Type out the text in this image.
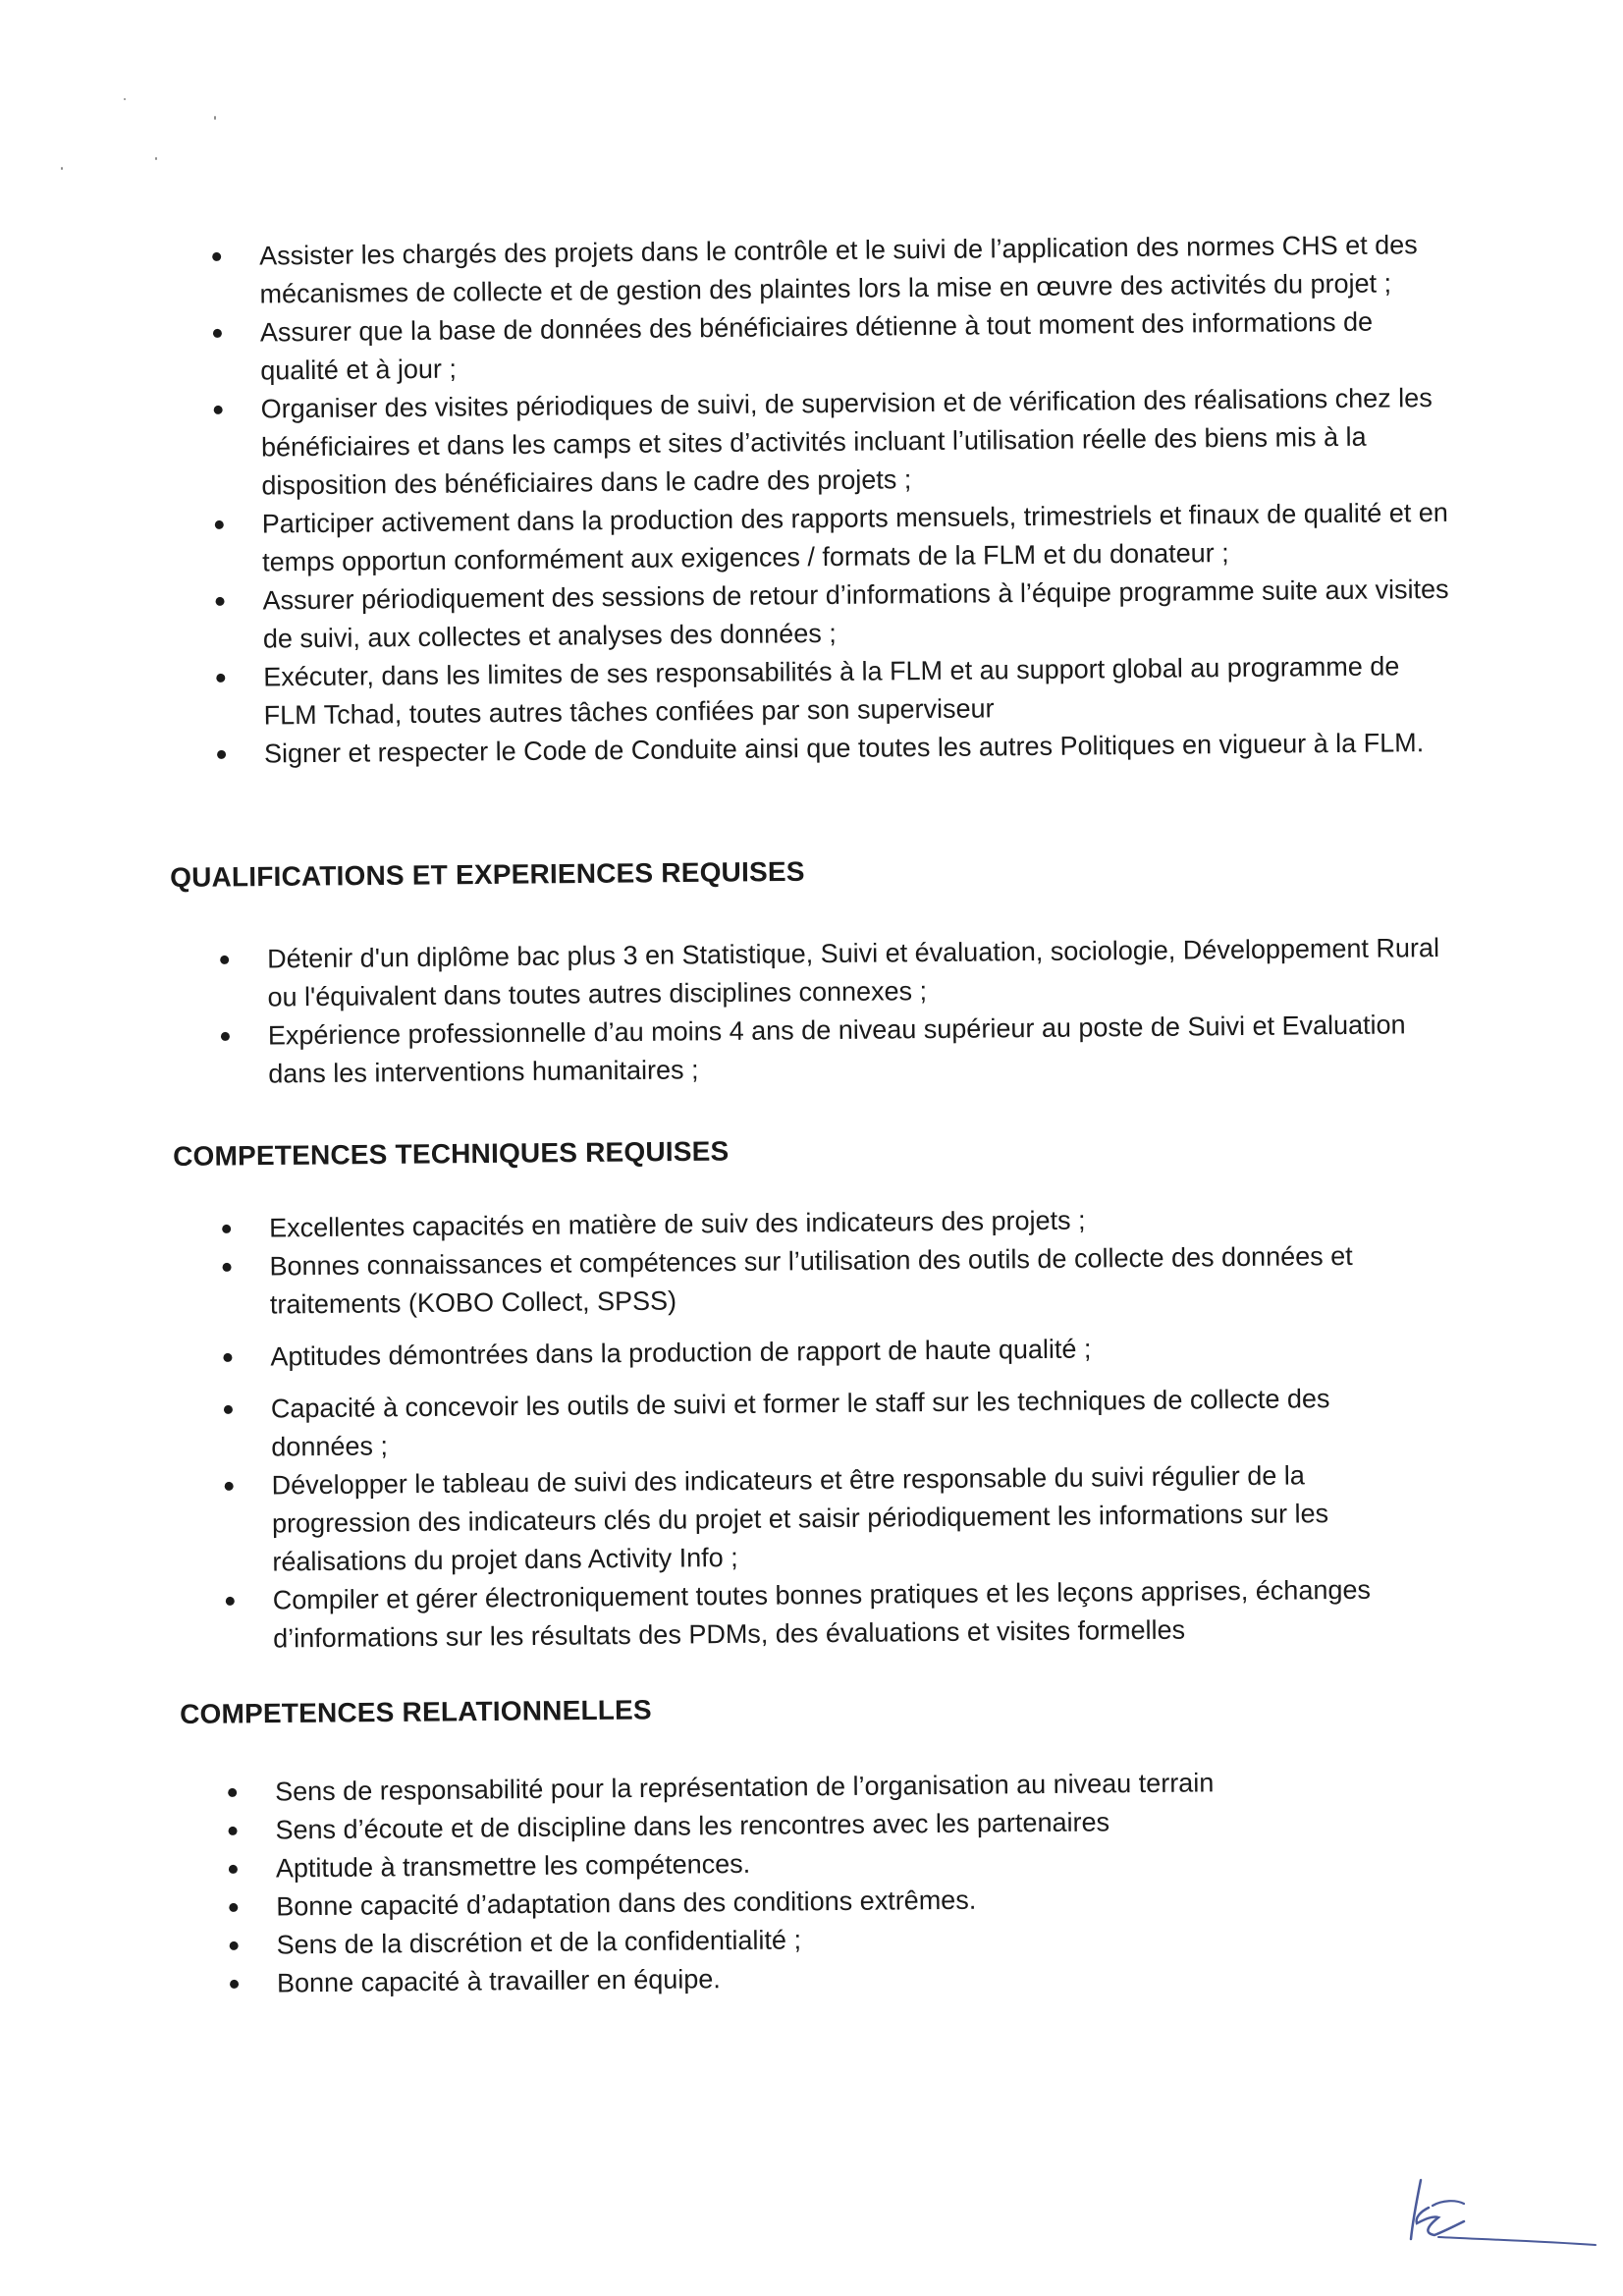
Assister les chargés des projets dans le contrôle et le suivi de l’application des normes CHS et des mécanismes de collecte et de gestion des plaintes lors la mise en œuvre des activités du projet ;
Assurer que la base de données des bénéficiaires détienne à tout moment des informations de qualité et à jour ;
Organiser des visites périodiques de suivi, de supervision et de vérification des réalisations chez les bénéficiaires et dans les camps et sites d’activités incluant l’utilisation réelle des biens mis à la disposition des bénéficiaires dans le cadre des projets ;
Participer activement dans la production des rapports mensuels, trimestriels et finaux de qualité et en temps opportun conformément aux exigences / formats de la FLM et du donateur ;
Assurer périodiquement des sessions de retour d’informations à l’équipe programme suite aux visites de suivi, aux collectes et analyses des données ;
Exécuter, dans les limites de ses responsabilités à la FLM et au support global au programme de FLM Tchad, toutes autres tâches confiées par son superviseur
Signer et respecter le Code de Conduite ainsi que toutes les autres Politiques en vigueur à la FLM.
QUALIFICATIONS ET EXPERIENCES REQUISES
Détenir d'un diplôme bac plus 3 en Statistique, Suivi et évaluation, sociologie, Développement Rural ou l'équivalent dans toutes autres disciplines connexes ;
Expérience professionnelle d’au moins 4 ans de niveau supérieur au poste de Suivi et Evaluation dans les interventions humanitaires ;
COMPETENCES TECHNIQUES REQUISES
Excellentes capacités en matière de suiv des indicateurs des projets ;
Bonnes connaissances et compétences sur l’utilisation des outils de collecte des données et traitements (KOBO Collect, SPSS)
Aptitudes démontrées dans la production de rapport de haute qualité ;
Capacité à concevoir les outils de suivi et former le staff sur les techniques de collecte des données ;
Développer le tableau de suivi des indicateurs et être responsable du suivi régulier de la progression des indicateurs clés du projet et saisir périodiquement les informations sur les réalisations du projet dans Activity Info ;
Compiler et gérer électroniquement toutes bonnes pratiques et les leçons apprises, échanges d’informations sur les résultats des PDMs, des évaluations et visites formelles
COMPETENCES RELATIONNELLES
Sens de responsabilité pour la représentation de l’organisation au niveau terrain
Sens d’écoute et de discipline dans les rencontres avec les partenaires
Aptitude à transmettre les compétences.
Bonne capacité d’adaptation dans des conditions extrêmes.
Sens de la discrétion et de la confidentialité ;
Bonne capacité à travailler en équipe.
